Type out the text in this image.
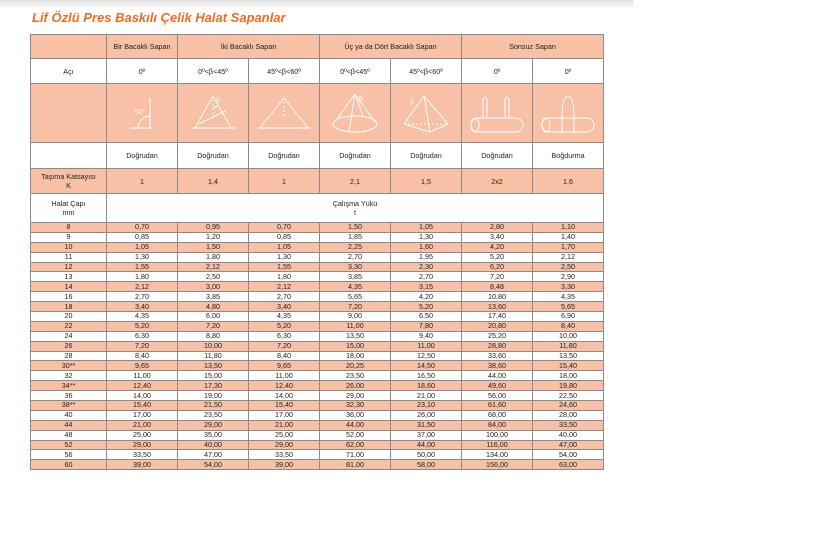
Lif Özlü Pres Baskılı Çelik Halat Sapanlar
	Bir Bacaklı Sapan	İki Bacaklı Sapan		Üç ya da Dört Bacaklı Sapan		Sonsuz Sapan	
Açı	0º	0º<β<45º	45º<β<60º	0º<β<45º	45º<β<60º	0º	0º

90°	β		β	β

	Doğrudan	Doğrudan	Doğrudan	Doğrudan	Doğrudan	Doğrudan	Boğdurma
Taşıma Katsayısı
K	1	1,4	1	2,1	1,5	2x2	1,6
Halat Çapı
mm	Çalışma Yükü
t						
8	0,70	0,95	0,70	1,50	1,05	2,80	1,10
9	0,85	1,20	0,85	1,85	1,30	3,40	1,40
10	1,05	1,50	1,05	2,25	1,60	4,20	1,70
11	1,30	1,80	1,30	2,70	1,95	5,20	2,12
12	1,55	2,12	1,55	3,30	2,30	6,20	2,50
13	1,80	2,50	1,80	3,85	2,70	7,20	2,90
14	2,12	3,00	2,12	4,35	3,15	8,48	3,30
16	2,70	3,85	2,70	5,65	4,20	10,80	4,35
18	3,40	4,80	3,40	7,20	5,20	13,60	5,65
20	4,35	6,00	4,35	9,00	6,50	17,40	6,90
22	5,20	7,20	5,20	11,00	7,80	20,80	8,40
24	6,30	8,80	6,30	13,50	9,40	25,20	10,00
26	7,20	10,00	7,20	15,00	11,00	28,80	11,80
28	8,40	11,80	8,40	18,00	12,50	33,60	13,50
30**	9,65	13,50	9,65	20,25	14,50	38,60	15,40
32	11,00	15,00	11,00	23,50	16,50	44,00	18,00
34**	12,40	17,30	12,40	26,00	18,60	49,60	19,80
36	14,00	19,00	14,00	29,00	21,00	56,00	22,50
38**	15,40	21,50	15,40	32,30	23,10	61,60	24,60
40	17,00	23,50	17,00	36,00	26,00	68,00	28,00
44	21,00	29,00	21,00	44,00	31,50	84,00	33,50
48	25,00	35,00	25,00	52,00	37,00	100,00	40,00
52	29,00	40,00	29,00	62,00	44,00	116,00	47,00
56	33,50	47,00	33,50	71,00	50,00	134,00	54,00
60	39,00	54,00	39,00	81,00	58,00	156,00	63,00
